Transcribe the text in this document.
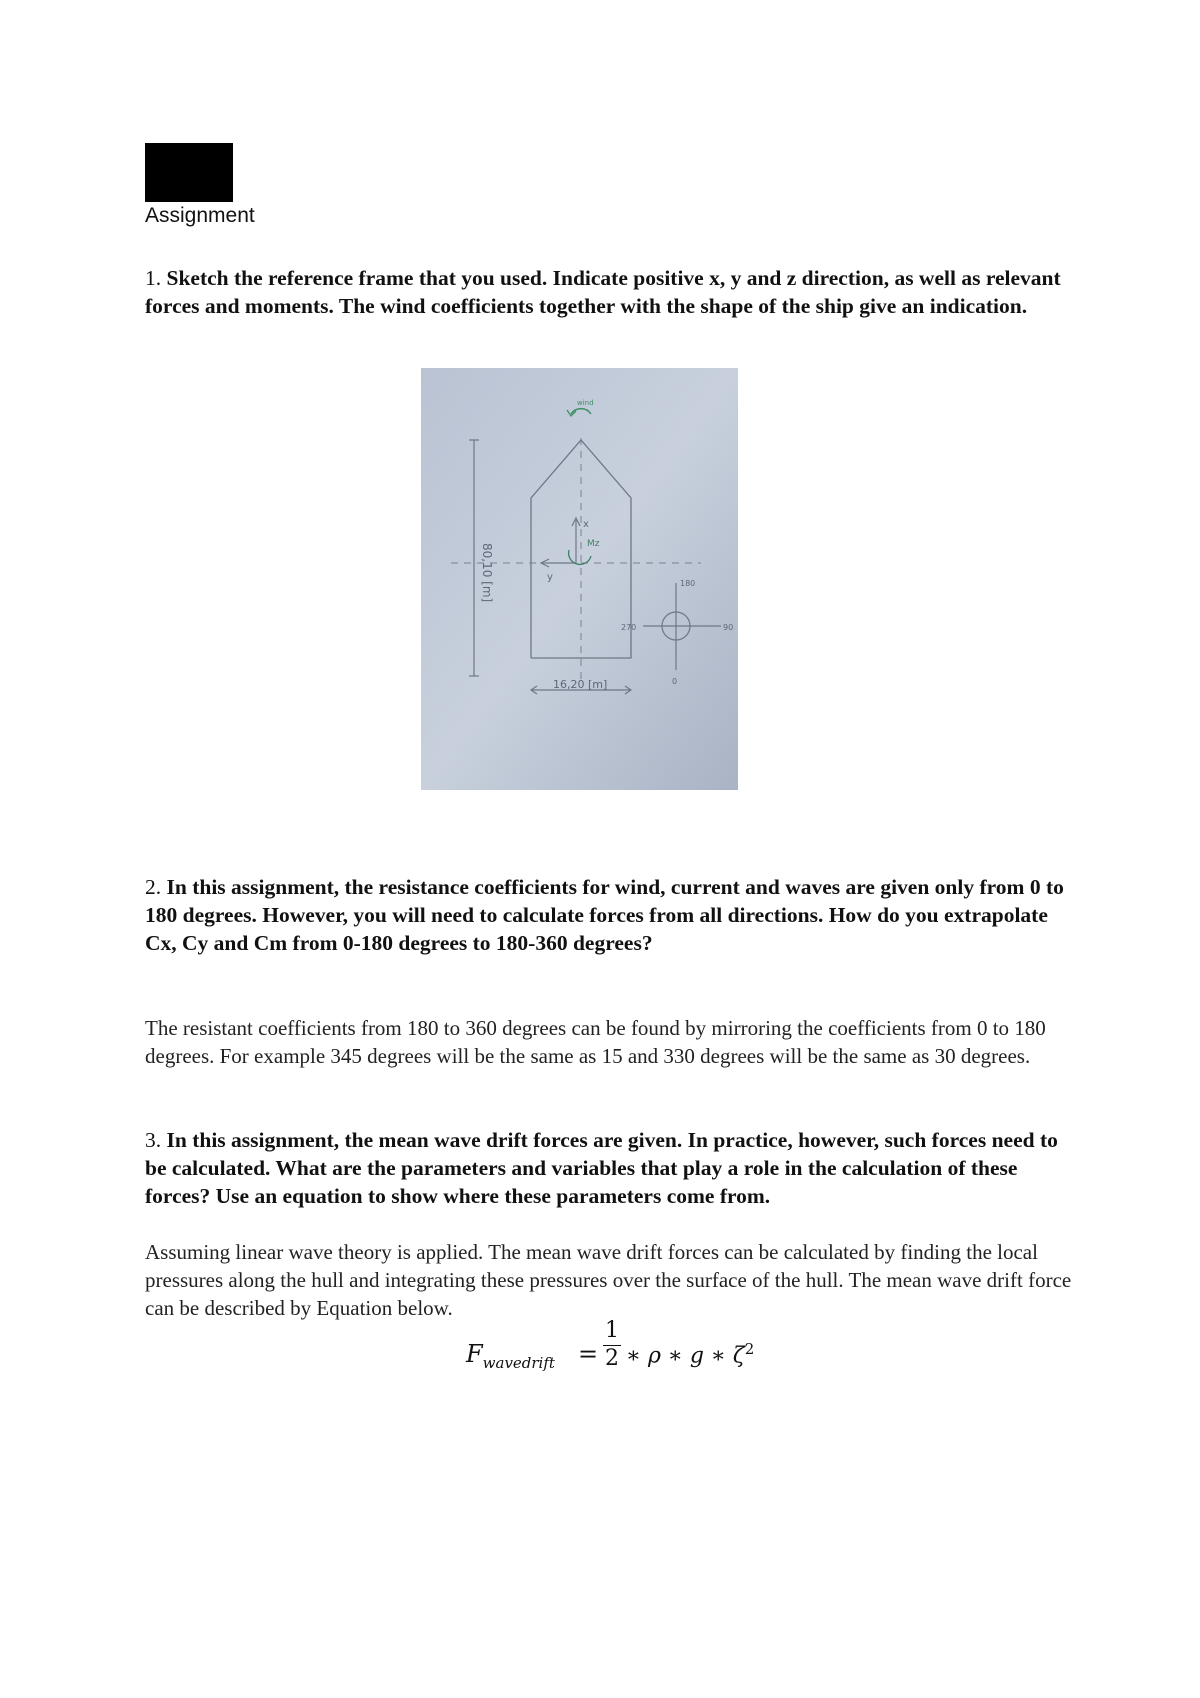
Assignment
1. Sketch the reference frame that you used. Indicate positive x, y and z direction, as well as relevant forces and moments. The wind coefficients together with the shape of the ship give an indication.
80,10 [m]
x
y
Mz
wind
16,20 [m]
180
270	90
0
2. In this assignment, the resistance coefficients for wind, current and waves are given only from 0 to 180 degrees. However, you will need to calculate forces from all directions. How do you extrapolate Cx, Cy and Cm from 0-180 degrees to 180-360 degrees?
The resistant coefficients from 180 to 360 degrees can be found by mirroring the coefficients from 0 to 180 degrees. For example 345 degrees will be the same as 15 and 330 degrees will be the same as 30 degrees.
3. In this assignment, the mean wave drift forces are given. In practice, however, such forces need to be calculated. What are the parameters and variables that play a role in the calculation of these forces? Use an equation to show where these parameters come from.
Assuming linear wave theory is applied. The mean wave drift forces can be calculated by finding the local pressures along the hull and integrating these pressures over the surface of the hull. The mean wave drift force can be described by Equation below.
$F_{wavedrift}$ =
1
2 ∗ ρ ∗ g ∗ $\zeta^2$
